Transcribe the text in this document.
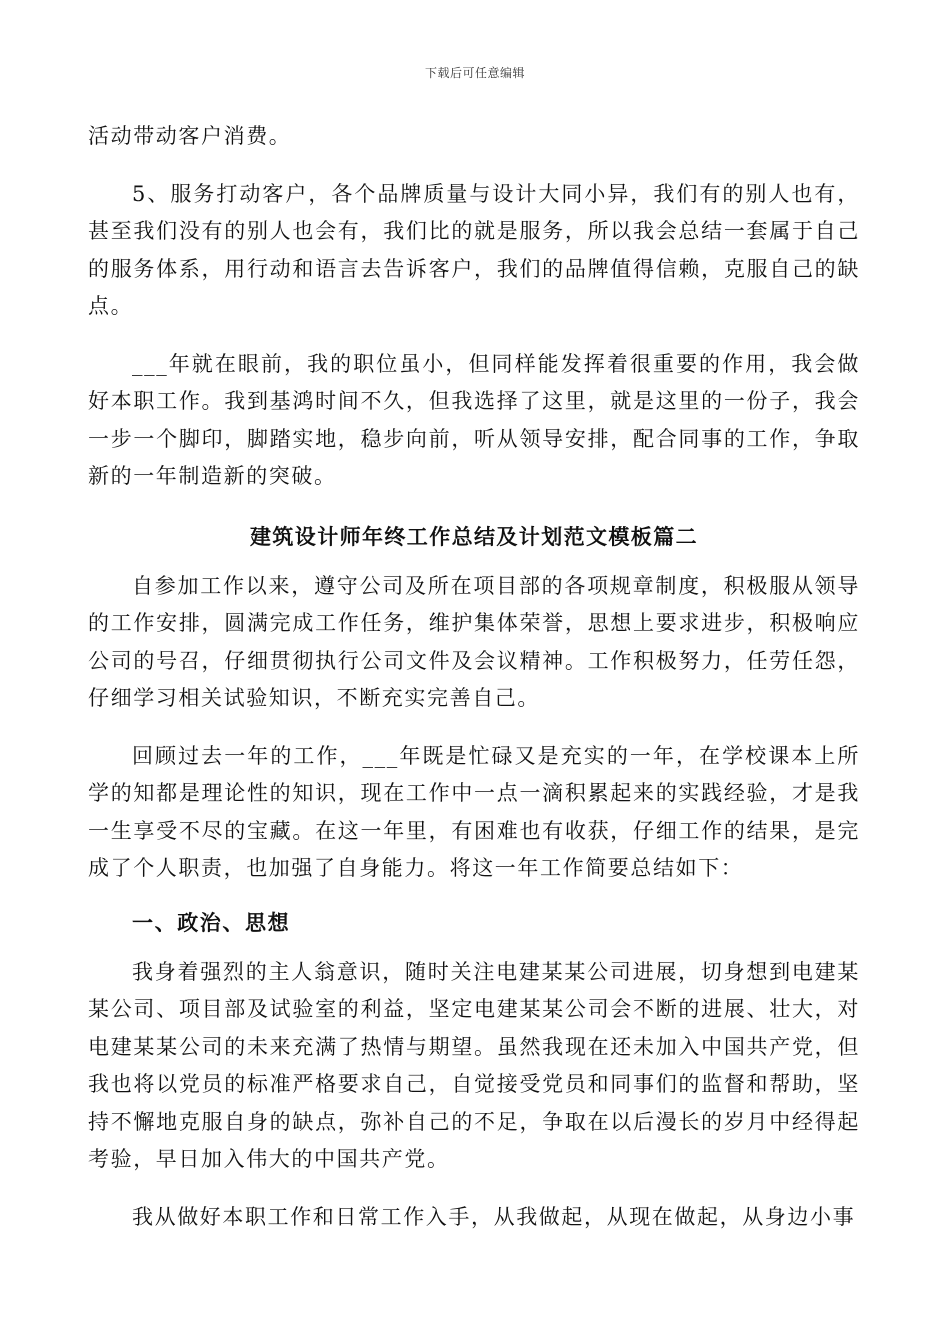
下载后可任意编辑

活动带动客户消费。

5、服务打动客户，各个品牌质量与设计大同小异，我们有的别人也有，甚至我们没有的别人也会有，我们比的就是服务，所以我会总结一套属于自己的服务体系，用行动和语言去告诉客户，我们的品牌值得信赖，克服自己的缺点。

___年就在眼前，我的职位虽小，但同样能发挥着很重要的作用，我会做好本职工作。我到基鸿时间不久，但我选择了这里，就是这里的一份子，我会一步一个脚印，脚踏实地，稳步向前，听从领导安排，配合同事的工作，争取新的一年制造新的突破。

建筑设计师年终工作总结及计划范文模板篇二

自参加工作以来，遵守公司及所在项目部的各项规章制度，积极服从领导的工作安排，圆满完成工作任务，维护集体荣誉，思想上要求进步，积极响应公司的号召，仔细贯彻执行公司文件及会议精神。工作积极努力，任劳任怨，仔细学习相关试验知识，不断充实完善自己。

回顾过去一年的工作，___年既是忙碌又是充实的一年，在学校课本上所学的知都是理论性的知识，现在工作中一点一滴积累起来的实践经验，才是我一生享受不尽的宝藏。在这一年里，有困难也有收获，仔细工作的结果，是完成了个人职责，也加强了自身能力。将这一年工作简要总结如下：

一、政治、思想

我身着强烈的主人翁意识，随时关注电建某某公司进展，切身想到电建某某公司、项目部及试验室的利益，坚定电建某某公司会不断的进展、壮大，对电建某某公司的未来充满了热情与期望。虽然我现在还未加入中国共产党，但我也将以党员的标准严格要求自己，自觉接受党员和同事们的监督和帮助，坚持不懈地克服自身的缺点，弥补自己的不足，争取在以后漫长的岁月中经得起考验，早日加入伟大的中国共产党。

我从做好本职工作和日常工作入手，从我做起，从现在做起，从身边小事
